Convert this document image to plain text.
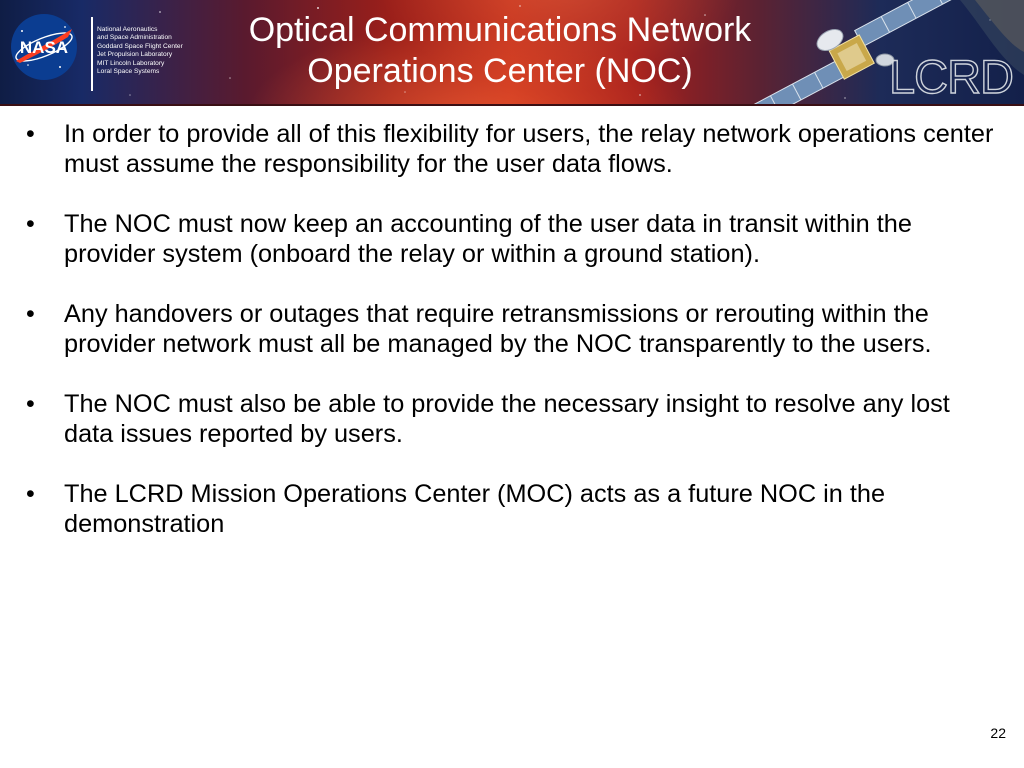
NASA
National Aeronautics
and Space Administration
Goddard Space Flight Center
Jet Propulsion Laboratory
MIT Lincoln Laboratory
Loral Space Systems
Optical Communications Network
Operations Center (NOC)	LCRD
• In order to provide all of this flexibility for users, the relay network operations center must assume the responsibility for the user data flows.
• The NOC must now keep an accounting of the user data in transit within the provider system (onboard the relay or within a ground station).
• Any handovers or outages that require retransmissions or rerouting within the provider network must all be managed by the NOC transparently to the users.
• The NOC must also be able to provide the necessary insight to resolve any lost data issues reported by users.
• The LCRD Mission Operations Center (MOC) acts as a future NOC in the demonstration
22
